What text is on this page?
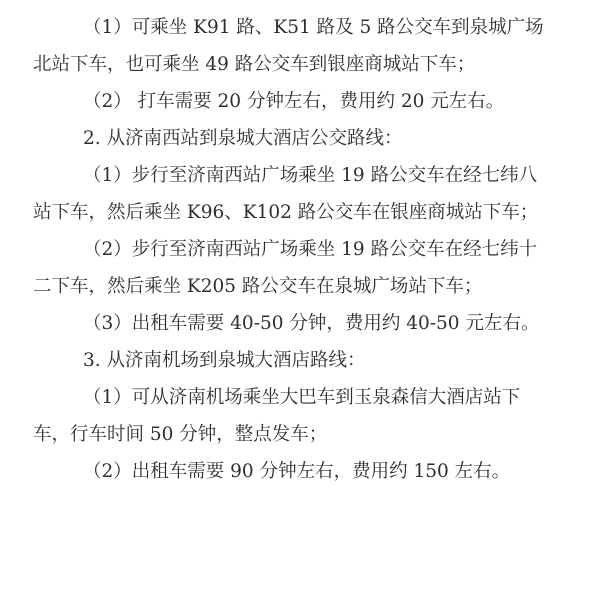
（1）可乘坐 K91 路、K51 路及 5 路公交车到泉城广场
北站下车，也可乘坐 49 路公交车到银座商城站下车；
（2） 打车需要 20 分钟左右，费用约 20 元左右。
2. 从济南西站到泉城大酒店公交路线：
（1）步行至济南西站广场乘坐 19 路公交车在经七纬八
站下车，然后乘坐 K96、K102 路公交车在银座商城站下车；
（2）步行至济南西站广场乘坐 19 路公交车在经七纬十
二下车，然后乘坐 K205 路公交车在泉城广场站下车；
（3）出租车需要 40-50 分钟，费用约 40-50 元左右。
3. 从济南机场到泉城大酒店路线：
（1）可从济南机场乘坐大巴车到玉泉森信大酒店站下
车，行车时间 50 分钟，整点发车；
（2）出租车需要 90 分钟左右，费用约 150 左右。
